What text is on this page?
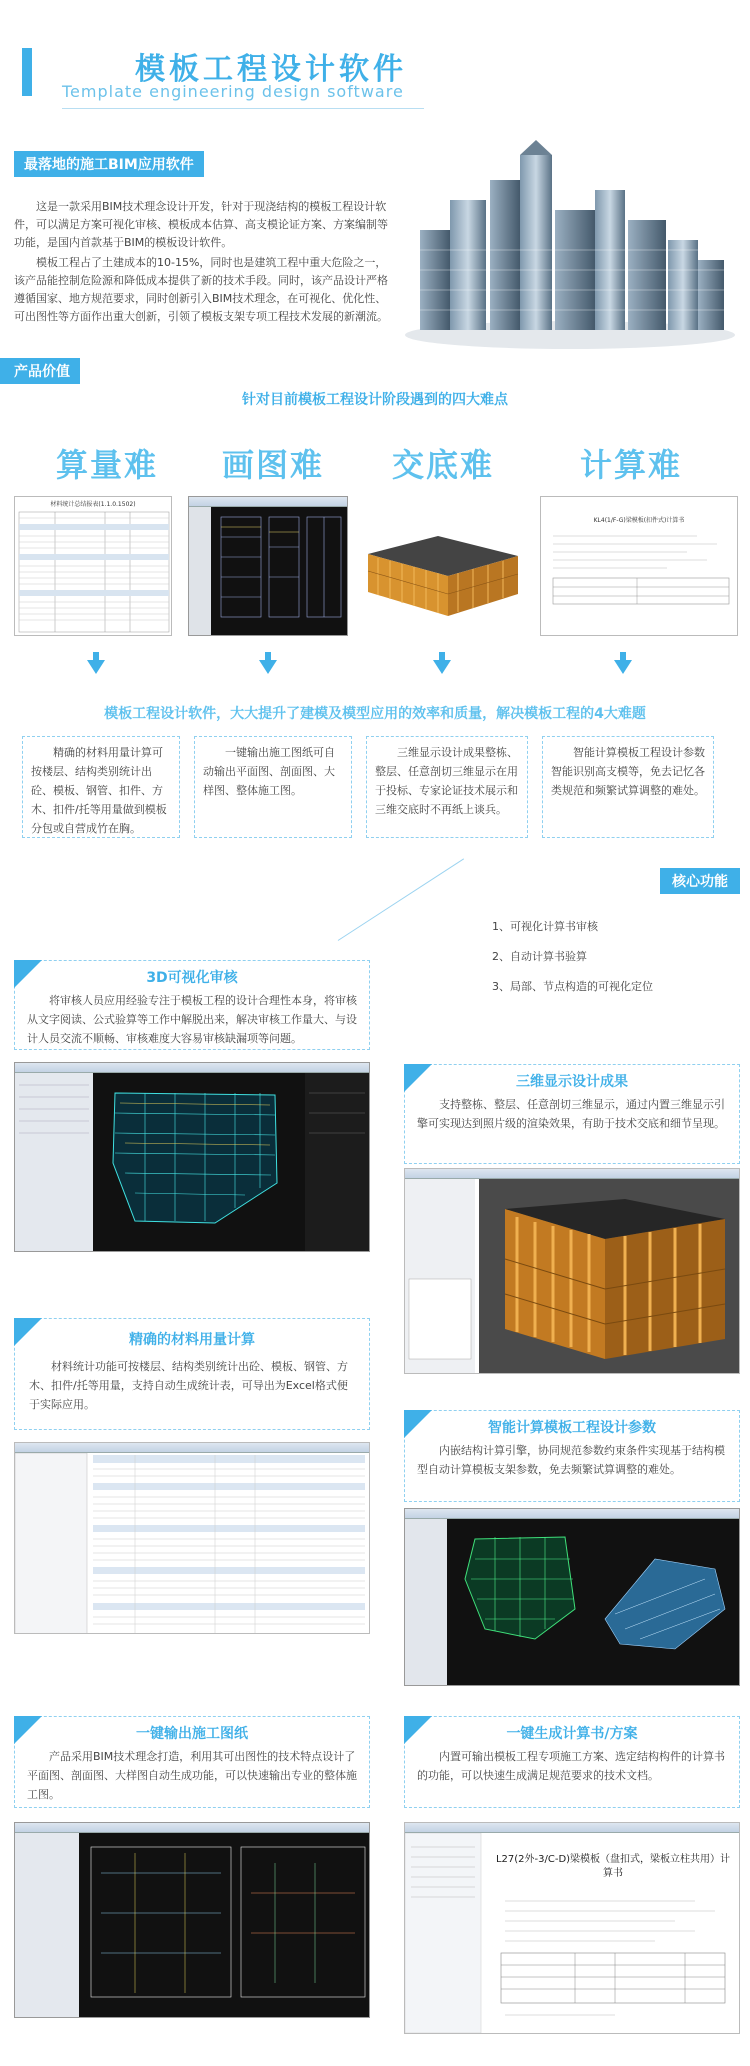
模板工程设计软件
Template engineering design software
最落地的施工BIM应用软件
这是一款采用BIM技术理念设计开发，针对于现浇结构的模板工程设计软件，可以满足方案可视化审核、模板成本估算、高支模论证方案、方案编制等功能，是国内首款基于BIM的模板设计软件。
模板工程占了土建成本的10-15%，同时也是建筑工程中重大危险之一，该产品能控制危险源和降低成本提供了新的技术手段。同时，该产品设计严格遵循国家、地方规范要求，同时创新引入BIM技术理念，在可视化、优化性、可出图性等方面作出重大创新，引领了模板支架专项工程技术发展的新潮流。
产品价值
针对目前模板工程设计阶段遇到的四大难点
算量难 画图难 交底难	计算难
材料统计总结报表(1.1.0.1502)
KL4(1/F-G)梁模板(扣件式)计算书
模板工程设计软件，大大提升了建模及模型应用的效率和质量，解决模板工程的4大难题
精确的材料用量计算可按楼层、结构类别统计出砼、模板、钢管、扣件、方木、扣件/托等用量做到模板分包或自营成竹在胸。
一键输出施工图纸可自动输出平面图、剖面图、大样图、整体施工图。
三维显示设计成果整栋、整层、任意剖切三维显示在用于投标、专家论证技术展示和三维交底时不再纸上谈兵。
智能计算模板工程设计参数智能识别高支模等，免去记忆各类规范和频繁试算调整的难处。
核心功能
1、可视化计算书审核
2、自动计算书验算
3、局部、节点构造的可视化定位
3D可视化审核
将审核人员应用经验专注于模板工程的设计合理性本身，将审核从文字阅读、公式验算等工作中解脱出来，解决审核工作量大、与设计人员交流不顺畅、审核难度大容易审核缺漏项等问题。
三维显示设计成果
支持整栋、整层、任意剖切三维显示，通过内置三维显示引擎可实现达到照片级的渲染效果，有助于技术交底和细节呈现。
精确的材料用量计算
材料统计功能可按楼层、结构类别统计出砼、模板、钢管、方木、扣件/托等用量，支持自动生成统计表，可导出为Excel格式便于实际应用。
智能计算模板工程设计参数
内嵌结构计算引擎，协同规范参数约束条件实现基于结构模型自动计算模板支架参数，免去频繁试算调整的难处。
一键输出施工图纸
产品采用BIM技术理念打造，利用其可出图性的技术特点设计了平面图、剖面图、大样图自动生成功能，可以快速输出专业的整体施工图。
一键生成计算书/方案
内置可输出模板工程专项施工方案、选定结构构件的计算书的功能，可以快速生成满足规范要求的技术文档。
L27(2外-3/C-D)梁模板（盘扣式，梁板立柱共用）计算书
